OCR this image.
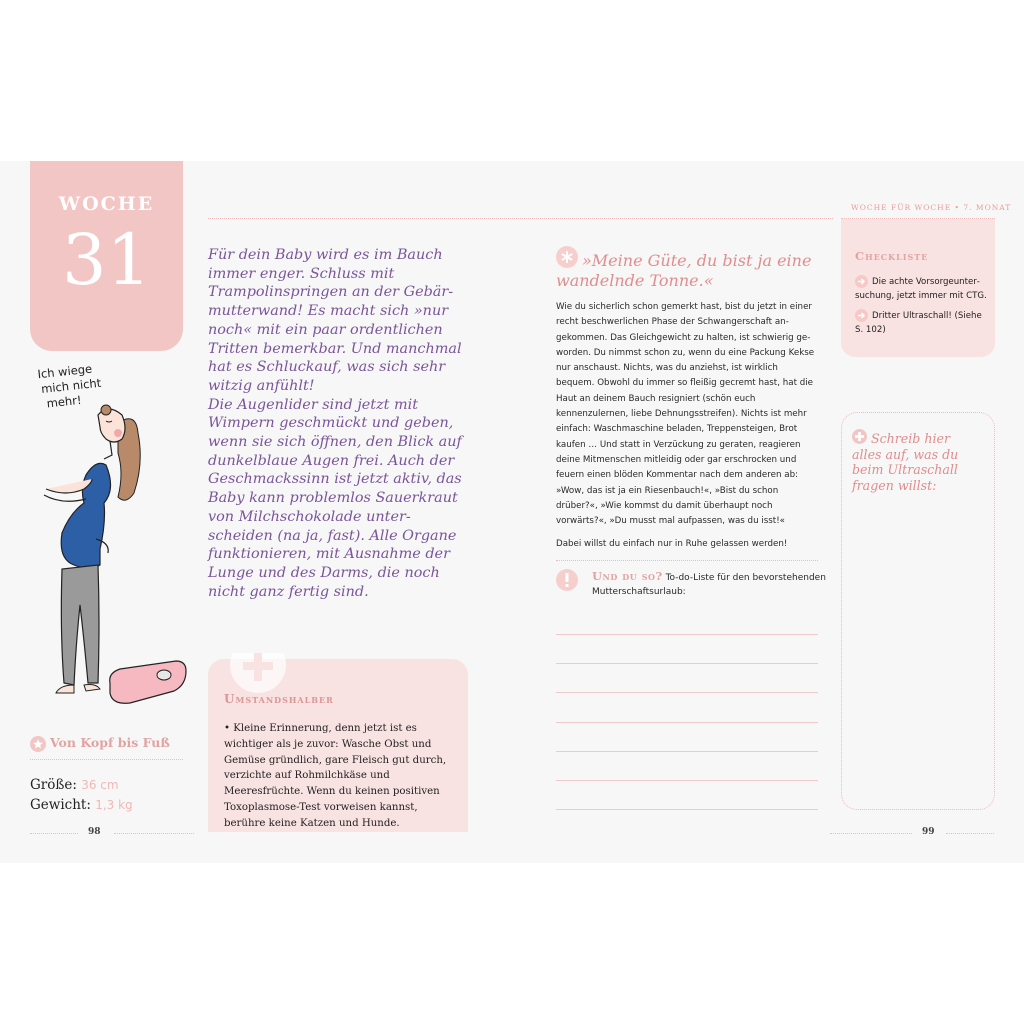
WOCHE
31
WOCHE FÜR WOCHE • 7. MONAT

Für dein Baby wird es im Bauch immer enger. Schluss mit Trampolinspringen an der Gebärmutterwand! Es macht sich »nur noch« mit ein paar ordentlichen Tritten bemerkbar. Und manchmal hat es Schluckauf, was sich sehr witzig anfühlt!

Die Augenlider sind jetzt mit Wimpern geschmückt und geben, wenn sie sich öffnen, den Blick auf dunkelblaue Augen frei. Auch der Geschmackssinn ist jetzt aktiv, das Baby kann problemlos Sauerkraut von Milchschokolade unterscheiden (na ja, fast). Alle Organe funktionieren, mit Ausnahme der Lunge und des Darms, die noch nicht ganz fertig sind.

Ich wiege
mich nicht
mehr!
Von Kopf bis Fuß
Größe: 36 cm
Gewicht: 1,3 kg
Umstandshalber
• Kleine Erinnerung, denn jetzt ist es wichtiger als je zuvor: Wasche Obst und Gemüse gründlich, gare Fleisch gut durch, verzichte auf Rohmilchkäse und Meeresfrüchte. Wenn du keinen positiven Toxoplasmose-Test vorweisen kannst, berühre keine Katzen und Hunde.
»Meine Güte, du bist ja eine wandelnde Tonne.«

Wie du sicherlich schon gemerkt hast, bist du jetzt in einer recht beschwerlichen Phase der Schwangerschaft angekommen. Das Gleichgewicht zu halten, ist schwierig geworden. Du nimmst schon zu, wenn du eine Packung Kekse nur anschaust. Nichts, was du anziehst, ist wirklich bequem. Obwohl du immer so fleißig gecremt hast, hat die Haut an deinem Bauch resigniert (schön euch kennenzulernen, liebe Dehnungsstreifen). Nichts ist mehr einfach: Waschmaschine beladen, Treppensteigen, Brot kaufen … Und statt in Verzückung zu geraten, reagieren deine Mitmenschen mitleidig oder gar erschrocken und feuern einen blöden Kommentar nach dem anderen ab: »Wow, das ist ja ein Riesenbauch!«, »Bist du schon drüber?«, »Wie kommst du damit überhaupt noch vorwärts?«, »Du musst mal aufpassen, was du isst!«

Dabei willst du einfach nur in Ruhe gelassen werden!

Und du so? To-do-Liste für den bevorstehenden Mutterschaftsurlaub:
Checkliste
Die achte Vorsorgeuntersuchung, jetzt immer mit CTG.
Dritter Ultraschall! (Siehe S. 102)
Schreib hier alles auf, was du beim Ultraschall fragen willst:
98	99
